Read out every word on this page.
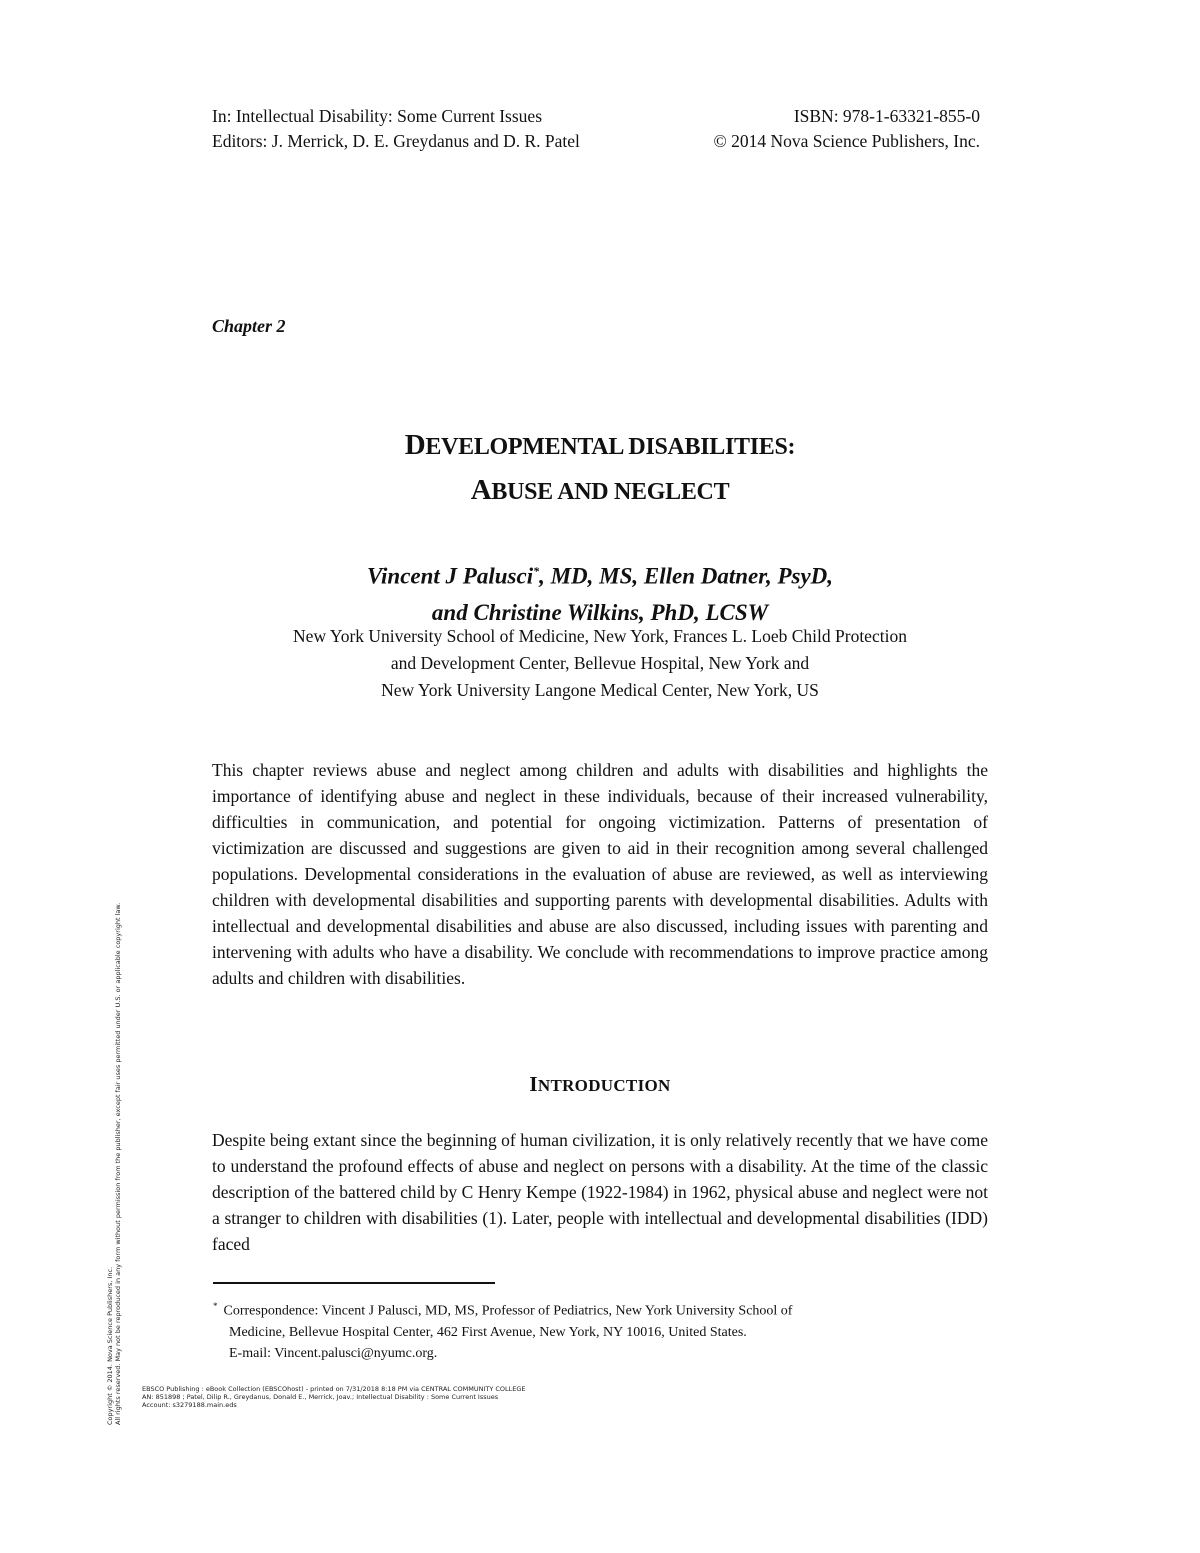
In: Intellectual Disability: Some Current Issues	ISBN: 978-1-63321-855-0
Editors: J. Merrick, D. E. Greydanus and D. R. Patel	© 2014 Nova Science Publishers, Inc.
Chapter 2
DEVELOPMENTAL DISABILITIES:
ABUSE AND NEGLECT
Vincent J Palusci*, MD, MS, Ellen Datner, PsyD,
and Christine Wilkins, PhD, LCSW
New York University School of Medicine, New York, Frances L. Loeb Child Protection
and Development Center, Bellevue Hospital, New York and
New York University Langone Medical Center, New York, US
This chapter reviews abuse and neglect among children and adults with disabilities and highlights the importance of identifying abuse and neglect in these individuals, because of their increased vulnerability, difficulties in communication, and potential for ongoing victimization. Patterns of presentation of victimization are discussed and suggestions are given to aid in their recognition among several challenged populations. Developmental considerations in the evaluation of abuse are reviewed, as well as interviewing children with developmental disabilities and supporting parents with developmental disabilities. Adults with intellectual and developmental disabilities and abuse are also discussed, including issues with parenting and intervening with adults who have a disability. We conclude with recommendations to improve practice among adults and children with disabilities.
INTRODUCTION
Despite being extant since the beginning of human civilization, it is only relatively recently that we have come to understand the profound effects of abuse and neglect on persons with a disability. At the time of the classic description of the battered child by C Henry Kempe (1922-1984) in 1962, physical abuse and neglect were not a stranger to children with disabilities (1). Later, people with intellectual and developmental disabilities (IDD) faced
* Correspondence: Vincent J Palusci, MD, MS, Professor of Pediatrics, New York University School of
Medicine, Bellevue Hospital Center, 462 First Avenue, New York, NY 10016, United States.
E-mail: Vincent.palusci@nyumc.org.
EBSCO Publishing : eBook Collection (EBSCOhost) - printed on 7/31/2018 8:18 PM via CENTRAL COMMUNITY COLLEGE
AN: 851898 ; Patel, Dilip R., Greydanus, Donald E., Merrick, Joav.; Intellectual Disability : Some Current Issues
Account: s3279188.main.eds
Copyright © 2014. Nova Science Publishers, Inc. All rights reserved. May not be reproduced in any form without permission from the publisher, except fair uses permitted under U.S. or applicable copyright law.
